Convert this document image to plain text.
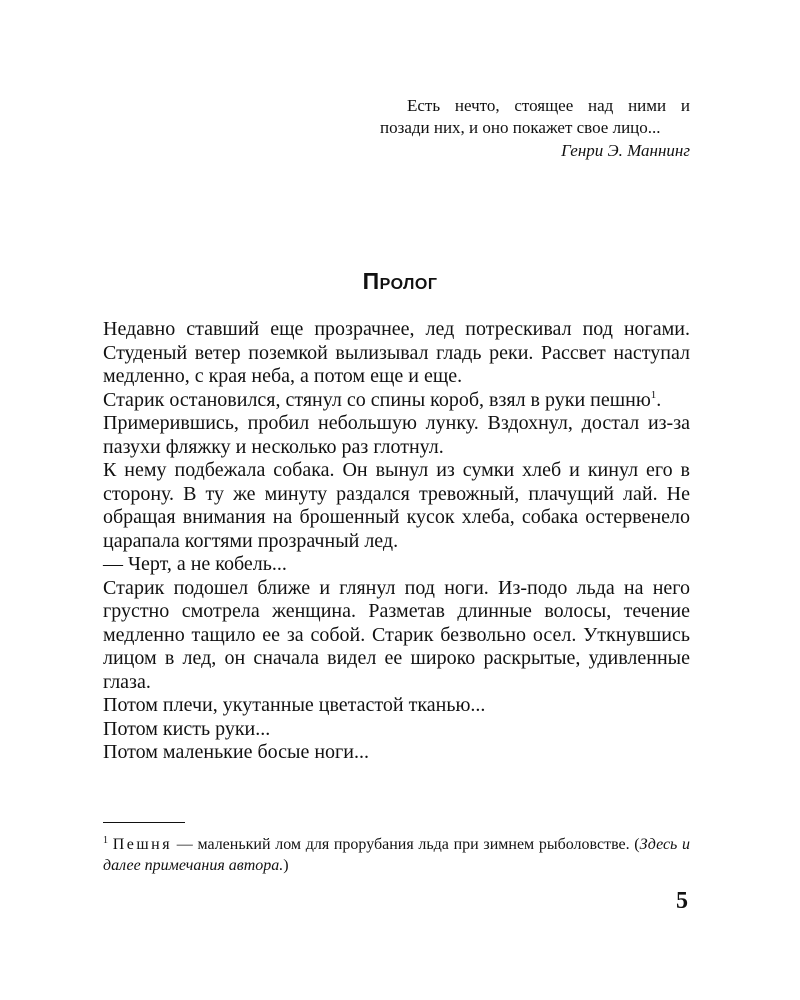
Есть нечто, стоящее над ними и позади них, и оно покажет свое лицо...

Генри Э. Маннинг

Пролог

Недавно ставший еще прозрачнее, лед потрескивал под ногами. Студеный ветер поземкой вылизывал гладь реки. Рассвет наступал медленно, с края неба, а потом еще и еще.

Старик остановился, стянул со спины короб, взял в руки пешню$^1$.

Примерившись, пробил небольшую лунку. Вздохнул, достал из-за пазухи фляжку и несколько раз глотнул.

К нему подбежала собака. Он вынул из сумки хлеб и кинул его в сторону. В ту же минуту раздался тревожный, плачущий лай. Не обращая внимания на брошенный кусок хлеба, собака остервенело царапала когтями прозрачный лед.

— Черт, а не кобель...

Старик подошел ближе и глянул под ноги. Из-подо льда на него грустно смотрела женщина. Разметав длинные волосы, течение медленно тащило ее за собой. Старик безвольно осел. Уткнувшись лицом в лед, он сначала видел ее широко раскрытые, удивленные глаза.

Потом плечи, укутанные цветастой тканью...

Потом кисть руки...

Потом маленькие босые ноги...

$^1$ Пешня — маленький лом для прорубания льда при зимнем рыболовстве. (Здесь и далее примечания автора.)
5
